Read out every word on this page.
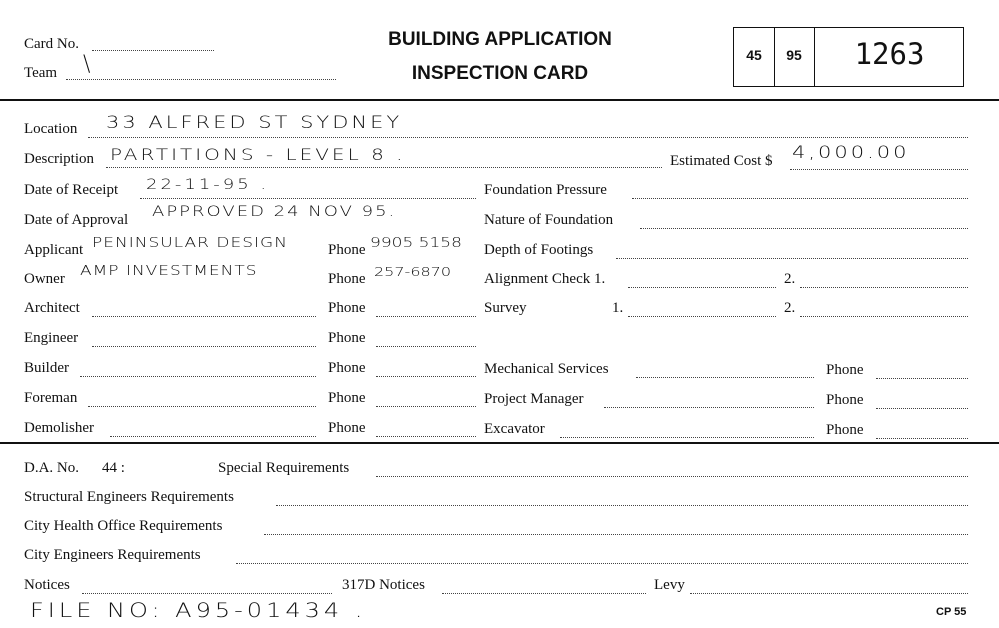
Card No.
Team \
BUILDING APPLICATION
INSPECTION CARD
45	95	1263
Location 33 ALFRED ST SYDNEY
Description PARTITIONS - LEVEL 8 .	Estimated Cost $ 4,000.00
Date of Receipt 22-11-95 .	Foundation Pressure
Date of Approval APPROVED 24 NOV 95.	Nature of Foundation
Applicant PENINSULAR DESIGN	Phone 9905 5158 Depth of Footings
Owner AMP INVESTMENTS	Phone 257-6870 Alignment Check 1.	2.
Architect	Phone	Survey	1.	2.
Engineer	Phone
Builder	Phone	Mechanical Services	Phone
Foreman	Phone	Project Manager	Phone
Demolisher	Phone	Excavator	Phone
D.A. No. 44 :	Special Requirements
Structural Engineers Requirements
City Health Office Requirements
City Engineers Requirements
Notices	317D Notices	Levy
FILE NO: A95-01434 .	CP 55
